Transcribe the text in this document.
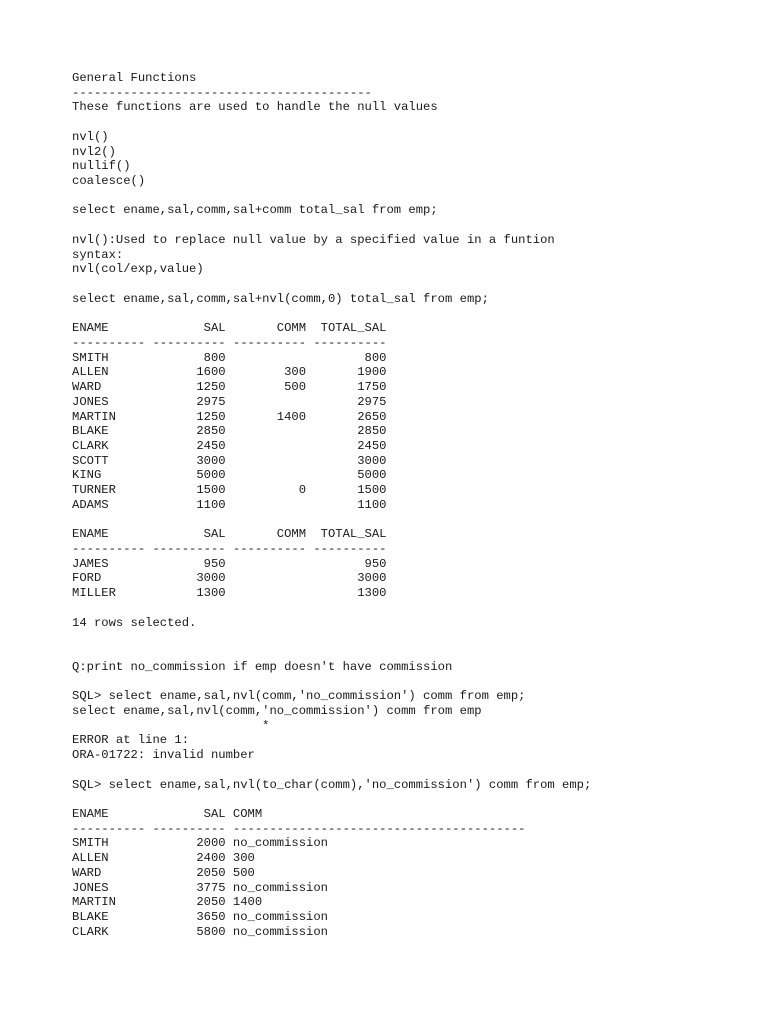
General Functions
-----------------------------------------
These functions are used to handle the null values
nvl()
nvl2()
nullif()
coalesce()
select ename,sal,comm,sal+comm total_sal from emp;
nvl():Used to replace null value by a specified value in a funtion
syntax:
nvl(col/exp,value)
select ename,sal,comm,sal+nvl(comm,0) total_sal from emp;
ENAME             SAL       COMM  TOTAL_SAL
---------- ---------- ---------- ----------
SMITH             800                   800
ALLEN            1600        300       1900
WARD             1250        500       1750
JONES            2975                  2975
MARTIN           1250       1400       2650
BLAKE            2850                  2850
CLARK            2450                  2450
SCOTT            3000                  3000
KING             5000                  5000
TURNER           1500          0       1500
ADAMS            1100                  1100
ENAME             SAL       COMM  TOTAL_SAL
---------- ---------- ---------- ----------
JAMES             950                   950
FORD             3000                  3000
MILLER           1300                  1300
14 rows selected.
Q:print no_commission if emp doesn't have commission
SQL> select ename,sal,nvl(comm,'no_commission') comm from emp;
select ename,sal,nvl(comm,'no_commission') comm from emp
*
ERROR at line 1:
ORA-01722: invalid number
SQL> select ename,sal,nvl(to_char(comm),'no_commission') comm from emp;
ENAME             SAL COMM
---------- ---------- ----------------------------------------
SMITH            2000 no_commission
ALLEN            2400 300
WARD             2050 500
JONES            3775 no_commission
MARTIN           2050 1400
BLAKE            3650 no_commission
CLARK            5800 no_commission
